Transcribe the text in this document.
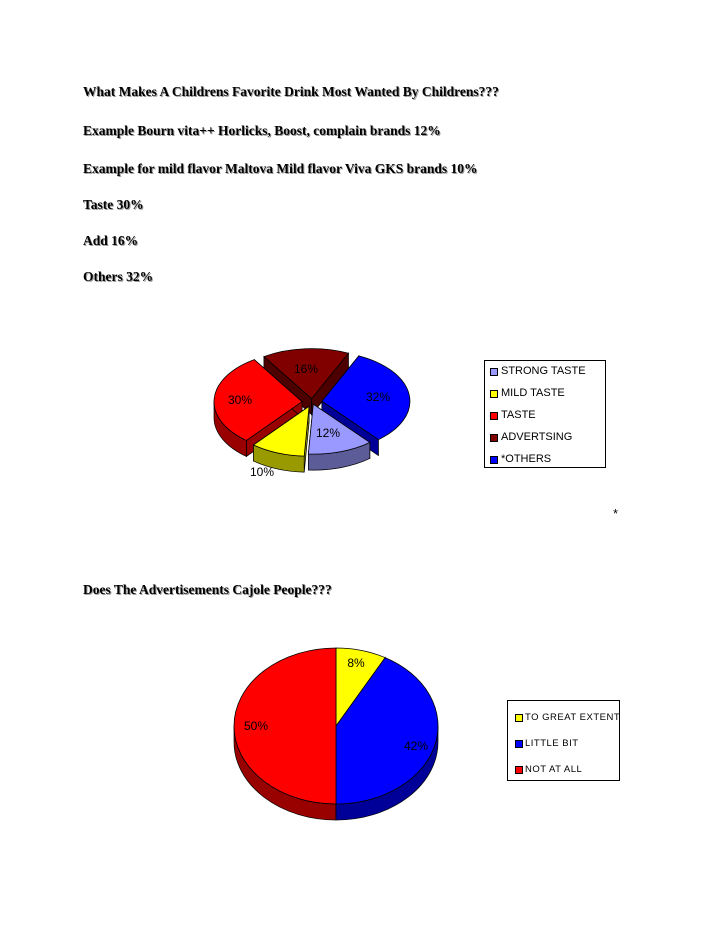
What Makes A Childrens Favorite Drink Most Wanted By Childrens???
Example Bourn vita++ Horlicks, Boost, complain brands 12%
Example for mild flavor Maltova Mild flavor Viva GKS brands 10%
Taste 30%
Add 16%
Others 32%
12%
10%
30%
16%
32%
STRONG TASTE
MILD TASTE
TASTE
ADVERTSING
*OTHERS
*
Does The Advertisements Cajole People???
8%
42%
50%
TO GREAT EXTENT
LITTLE BIT
NOT AT ALL
